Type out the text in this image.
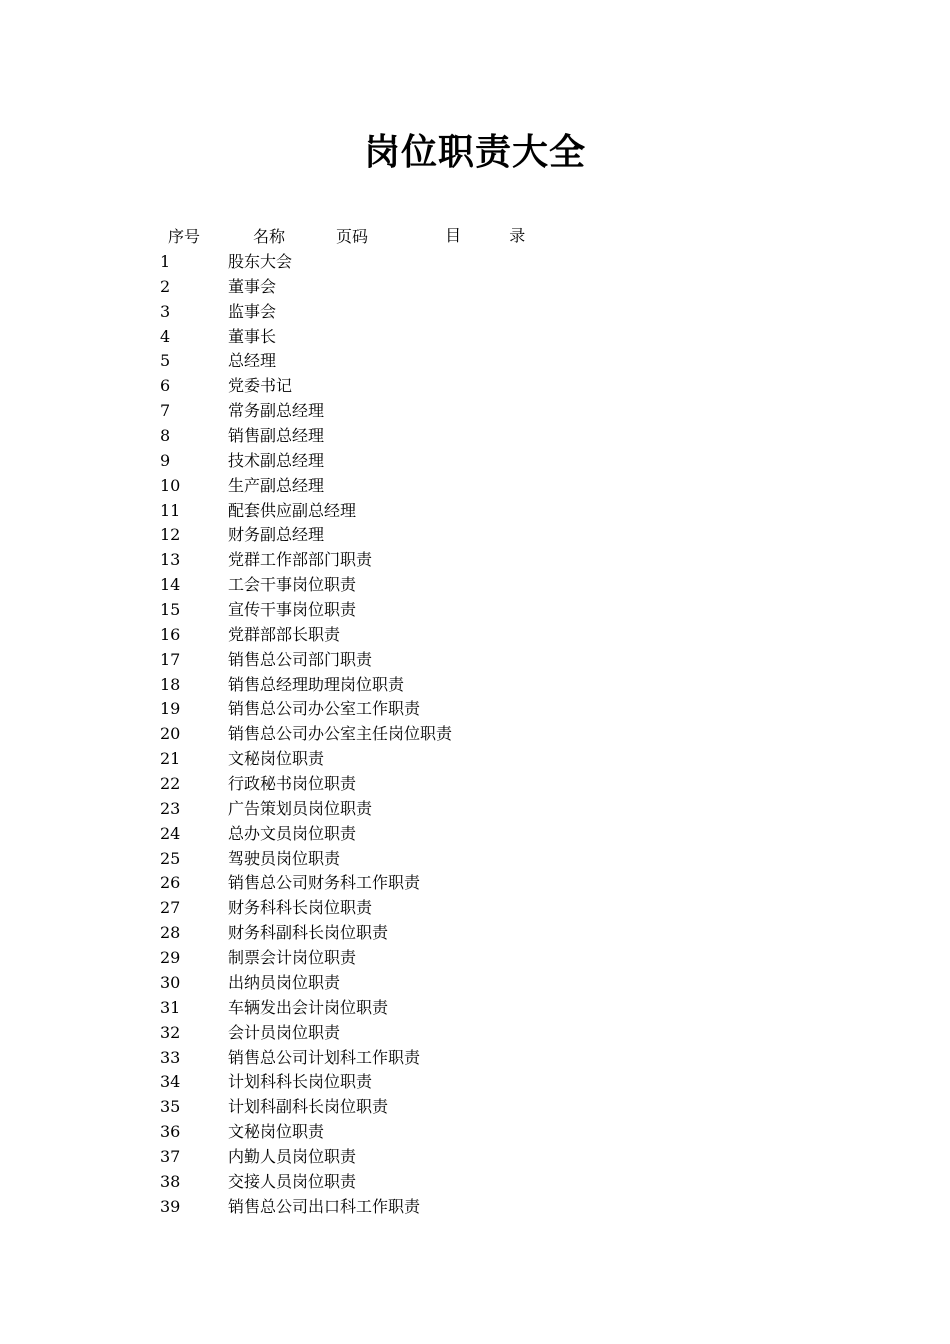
岗位职责大全

目	录

序号	名称	页码
1	股东大会
2	董事会
3	监事会
4	董事长
5	总经理
6	党委书记
7	常务副总经理
8	销售副总经理
9	技术副总经理
10	生产副总经理
11	配套供应副总经理
12	财务副总经理
13	党群工作部部门职责
14	工会干事岗位职责
15	宣传干事岗位职责
16	党群部部长职责
17	销售总公司部门职责
18	销售总经理助理岗位职责
19	销售总公司办公室工作职责
20	销售总公司办公室主任岗位职责
21	文秘岗位职责
22	行政秘书岗位职责
23	广告策划员岗位职责
24	总办文员岗位职责
25	驾驶员岗位职责
26	销售总公司财务科工作职责
27	财务科科长岗位职责
28	财务科副科长岗位职责
29	制票会计岗位职责
30	出纳员岗位职责
31	车辆发出会计岗位职责
32	会计员岗位职责
33	销售总公司计划科工作职责
34	计划科科长岗位职责
35	计划科副科长岗位职责
36	文秘岗位职责
37	内勤人员岗位职责
38	交接人员岗位职责
39	销售总公司出口科工作职责
